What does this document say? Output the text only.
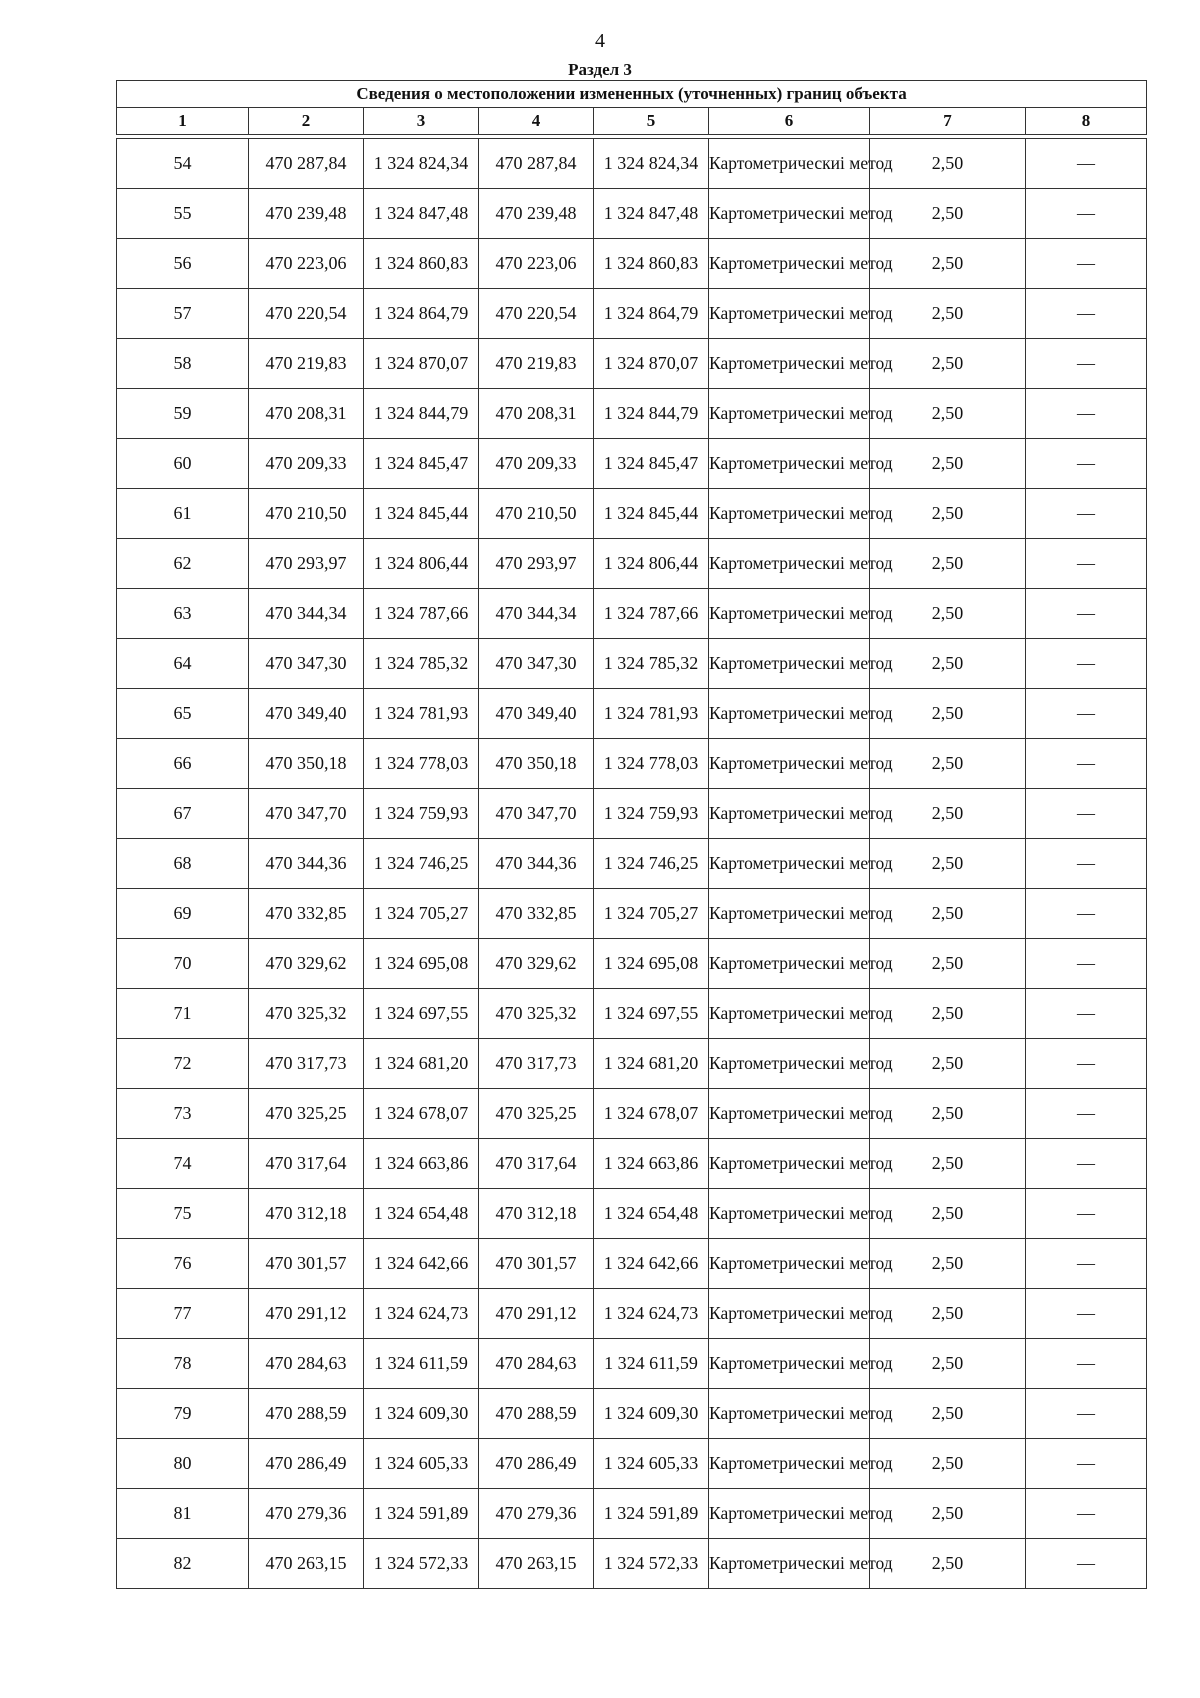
4
Раздел 3
Сведения о местоположении измененных (уточненных) границ объекта							
1	2	3	4	5	6	7	8

54	470 287,84	1 324 824,34	470 287,84	1 324 824,34	Картометрическиі метод	2,50	—
55	470 239,48	1 324 847,48	470 239,48	1 324 847,48	Картометрическиі метод	2,50	—
56	470 223,06	1 324 860,83	470 223,06	1 324 860,83	Картометрическиі метод	2,50	—
57	470 220,54	1 324 864,79	470 220,54	1 324 864,79	Картометрическиі метод	2,50	—
58	470 219,83	1 324 870,07	470 219,83	1 324 870,07	Картометрическиі метод	2,50	—
59	470 208,31	1 324 844,79	470 208,31	1 324 844,79	Картометрическиі метод	2,50	—
60	470 209,33	1 324 845,47	470 209,33	1 324 845,47	Картометрическиі метод	2,50	—
61	470 210,50	1 324 845,44	470 210,50	1 324 845,44	Картометрическиі метод	2,50	—
62	470 293,97	1 324 806,44	470 293,97	1 324 806,44	Картометрическиі метод	2,50	—
63	470 344,34	1 324 787,66	470 344,34	1 324 787,66	Картометрическиі метод	2,50	—
64	470 347,30	1 324 785,32	470 347,30	1 324 785,32	Картометрическиі метод	2,50	—
65	470 349,40	1 324 781,93	470 349,40	1 324 781,93	Картометрическиі метод	2,50	—
66	470 350,18	1 324 778,03	470 350,18	1 324 778,03	Картометрическиі метод	2,50	—
67	470 347,70	1 324 759,93	470 347,70	1 324 759,93	Картометрическиі метод	2,50	—
68	470 344,36	1 324 746,25	470 344,36	1 324 746,25	Картометрическиі метод	2,50	—
69	470 332,85	1 324 705,27	470 332,85	1 324 705,27	Картометрическиі метод	2,50	—
70	470 329,62	1 324 695,08	470 329,62	1 324 695,08	Картометрическиі метод	2,50	—
71	470 325,32	1 324 697,55	470 325,32	1 324 697,55	Картометрическиі метод	2,50	—
72	470 317,73	1 324 681,20	470 317,73	1 324 681,20	Картометрическиі метод	2,50	—
73	470 325,25	1 324 678,07	470 325,25	1 324 678,07	Картометрическиі метод	2,50	—
74	470 317,64	1 324 663,86	470 317,64	1 324 663,86	Картометрическиі метод	2,50	—
75	470 312,18	1 324 654,48	470 312,18	1 324 654,48	Картометрическиі метод	2,50	—
76	470 301,57	1 324 642,66	470 301,57	1 324 642,66	Картометрическиі метод	2,50	—
77	470 291,12	1 324 624,73	470 291,12	1 324 624,73	Картометрическиі метод	2,50	—
78	470 284,63	1 324 611,59	470 284,63	1 324 611,59	Картометрическиі метод	2,50	—
79	470 288,59	1 324 609,30	470 288,59	1 324 609,30	Картометрическиі метод	2,50	—
80	470 286,49	1 324 605,33	470 286,49	1 324 605,33	Картометрическиі метод	2,50	—
81	470 279,36	1 324 591,89	470 279,36	1 324 591,89	Картометрическиі метод	2,50	—
82	470 263,15	1 324 572,33	470 263,15	1 324 572,33	Картометрическиі метод	2,50	—
